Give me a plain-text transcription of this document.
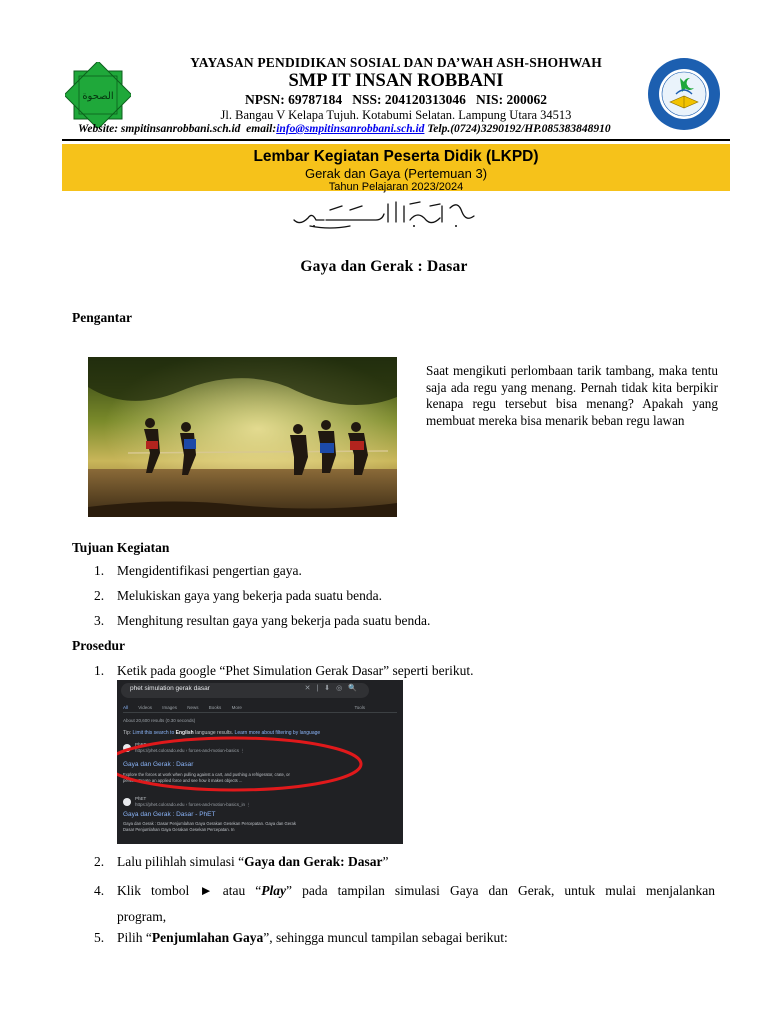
الصحوة
YAYASAN PENDIDIKAN SOSIAL DAN DA’WAH ASH-SHOHWAH
SMP IT INSAN ROBBANI
NPSN: 69787184   NSS: 204120313046   NIS: 200062
Jl. Bangau V Kelapa Tujuh. Kotabumi Selatan. Lampung Utara 34513
Website: smpitinsanrobbani.sch.id  email:info@smpitinsanrobbani.sch.id Telp.(0724)3290192/HP.085383848910
Lembar Kegiatan Peserta Didik (LKPD)
Gerak dan Gaya (Pertemuan 3)
Tahun Pelajaran 2023/2024
Gaya dan Gerak : Dasar
Pengantar
Saat mengikuti perlombaan tarik tambang, maka tentu saja ada regu yang menang. Pernah tidak kita berpikir kenapa regu tersebut bisa menang? Apakah yang membuat mereka bisa menarik beban regu lawan
Tujuan Kegiatan
1. Mengidentifikasi pengertian gaya.
2. Melukiskan gaya yang bekerja pada suatu benda.
3. Menghitung resultan gaya yang bekerja pada suatu benda.
Prosedur
1. Ketik pada google “Phet Simulation Gerak Dasar” seperti berikut.
phet simulation gerak dasar	✕|⬇◎🔍
All Videos Images News Books More	Tools
About 20,600 results (0.30 seconds)
Tip: Limit this search to English language results. Learn more about filtering by language
PhET
https://phet.colorado.edu › forces-and-motion-basics ⋮
Gaya dan Gerak : Dasar
Explore the forces at work when pulling against a cart, and pushing a refrigerator, crate, or
person. Create an applied force and see how it makes objects ...
PhET
https://phet.colorado.edu › forces-and-motion-basics_in ⋮
Gaya dan Gerak : Dasar - PhET
Gaya dan Gerak : Dasar Penjumlahan Gaya Gerakan Gesekan Percepatan. Gaya dan Gerak
Dasar Penjumlahan Gaya Gerakan Gesekan Percepatan. In
2. Lalu pilihlah simulasi “Gaya dan Gerak: Dasar”
4. Klik tombol ► atau “Play” pada tampilan simulasi Gaya dan Gerak, untuk mulai menjalankan
program,
5. Pilih “Penjumlahan Gaya”, sehingga muncul tampilan sebagai berikut:
